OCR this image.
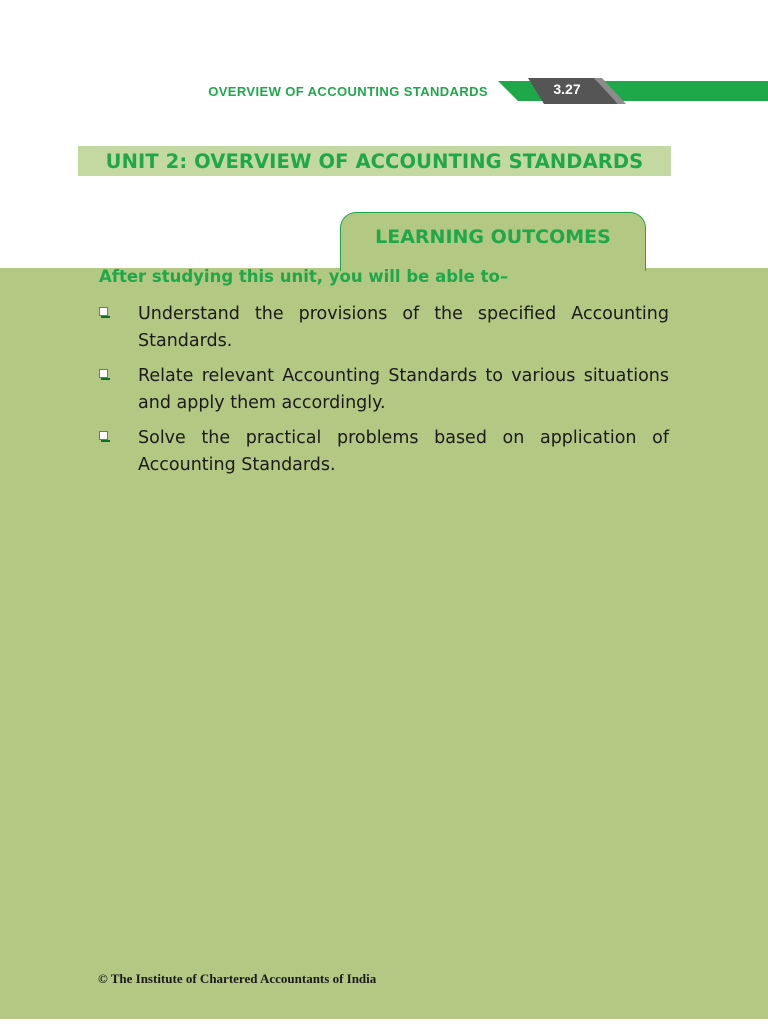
OVERVIEW OF ACCOUNTING STANDARDS	3.27
UNIT 2: OVERVIEW OF ACCOUNTING STANDARDS
LEARNING OUTCOMES
After studying this unit, you will be able to–
Understand the provisions of the specified Accounting Standards.
Relate relevant Accounting Standards to various situations and apply them accordingly.
Solve the practical problems based on application of Accounting Standards.
© The Institute of Chartered Accountants of India
